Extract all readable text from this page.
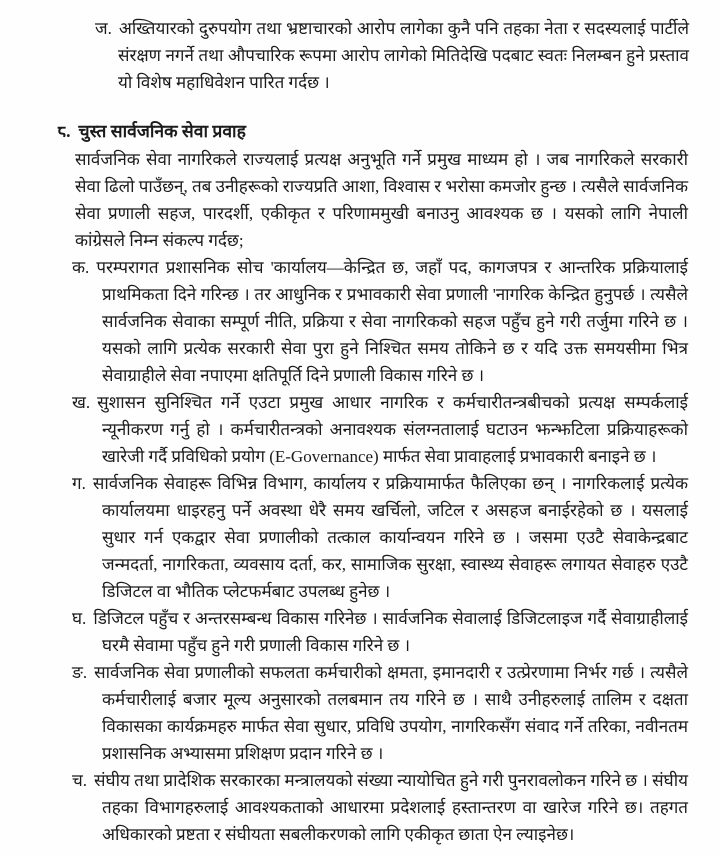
ज. अख्तियारको दुरुपयोग तथा भ्रष्टाचारको आरोप लागेका कुनै पनि तहका नेता र सदस्यलाई पार्टीले संरक्षण नगर्ने तथा औपचारिक रूपमा आरोप लागेको मितिदेखि पदबाट स्वतः निलम्बन हुने प्रस्ताव यो विशेष महाधिवेशन पारित गर्दछ ।

८. चुस्त सार्वजनिक सेवा प्रवाह

सार्वजनिक सेवा नागरिकले राज्यलाई प्रत्यक्ष अनुभूति गर्ने प्रमुख माध्यम हो । जब नागरिकले सरकारी सेवा ढिलो पाउँछन्, तब उनीहरूको राज्यप्रति आशा, विश्वास र भरोसा कमजोर हुन्छ । त्यसैले सार्वजनिक सेवा प्रणाली सहज, पारदर्शी, एकीकृत र परिणाममुखी बनाउनु आवश्यक छ । यसको लागि नेपाली कांग्रेसले निम्न संकल्प गर्दछ;

क. परम्परागत प्रशासनिक सोच 'कार्यालय—केन्द्रित छ, जहाँ पद, कागजपत्र र आन्तरिक प्रक्रियालाई प्राथमिकता दिने गरिन्छ । तर आधुनिक र प्रभावकारी सेवा प्रणाली 'नागरिक केन्द्रित हुनुपर्छ । त्यसैले सार्वजनिक सेवाका सम्पूर्ण नीति, प्रक्रिया र सेवा नागरिकको सहज पहुँच हुने गरी तर्जुमा गरिने छ । यसको लागि प्रत्येक सरकारी सेवा पुरा हुने निश्चित समय तोकिने छ र यदि उक्त समयसीमा भित्र सेवाग्राहीले सेवा नपाएमा क्षतिपूर्ति दिने प्रणाली विकास गरिने छ ।

ख. सुशासन सुनिश्चित गर्ने एउटा प्रमुख आधार नागरिक र कर्मचारीतन्त्रबीचको प्रत्यक्ष सम्पर्कलाई न्यूनीकरण गर्नु हो । कर्मचारीतन्त्रको अनावश्यक संलग्नतालाई घटाउन झन्झटिला प्रक्रियाहरूको खारेजी गर्दै प्रविधिको प्रयोग (E-Governance) मार्फत सेवा प्रावाहलाई प्रभावकारी बनाइने छ ।

ग. सार्वजनिक सेवाहरू विभिन्न विभाग, कार्यालय र प्रक्रियामार्फत फैलिएका छन् । नागरिकलाई प्रत्येक कार्यालयमा धाइरहनु पर्ने अवस्था धेरै समय खर्चिलो, जटिल र असहज बनाईरहेको छ । यसलाई सुधार गर्न एकद्वार सेवा प्रणालीको तत्काल कार्यान्वयन गरिने छ । जसमा एउटै सेवाकेन्द्रबाट जन्मदर्ता, नागरिकता, व्यवसाय दर्ता, कर, सामाजिक सुरक्षा, स्वास्थ्य सेवाहरू लगायत सेवाहरु एउटै डिजिटल वा भौतिक प्लेटफर्मबाट उपलब्ध हुनेछ ।

घ. डिजिटल पहुँच र अन्तरसम्बन्ध विकास गरिनेछ । सार्वजनिक सेवालाई डिजिटलाइज गर्दै सेवाग्राहीलाई घरमै सेवामा पहुँच हुने गरी प्रणाली विकास गरिने छ ।

ङ. सार्वजनिक सेवा प्रणालीको सफलता कर्मचारीको क्षमता, इमानदारी र उत्प्रेरणामा निर्भर गर्छ । त्यसैले कर्मचारीलाई बजार मूल्य अनुसारको तलबमान तय गरिने छ । साथै उनीहरुलाई तालिम र दक्षता विकासका कार्यक्रमहरु मार्फत सेवा सुधार, प्रविधि उपयोग, नागरिकसँग संवाद गर्ने तरिका, नवीनतम प्रशासनिक अभ्यासमा प्रशिक्षण प्रदान गरिने छ ।

च. संघीय तथा प्रादेशिक सरकारका मन्त्रालयको संख्या न्यायोचित हुने गरी पुनरावलोकन गरिने छ । संघीय तहका विभागहरुलाई आवश्यकताको आधारमा प्रदेशलाई हस्तान्तरण वा खारेज गरिने छ। तहगत अधिकारको प्रष्टता र संघीयता सबलीकरणको लागि एकीकृत छाता ऐन ल्याइनेछ।
